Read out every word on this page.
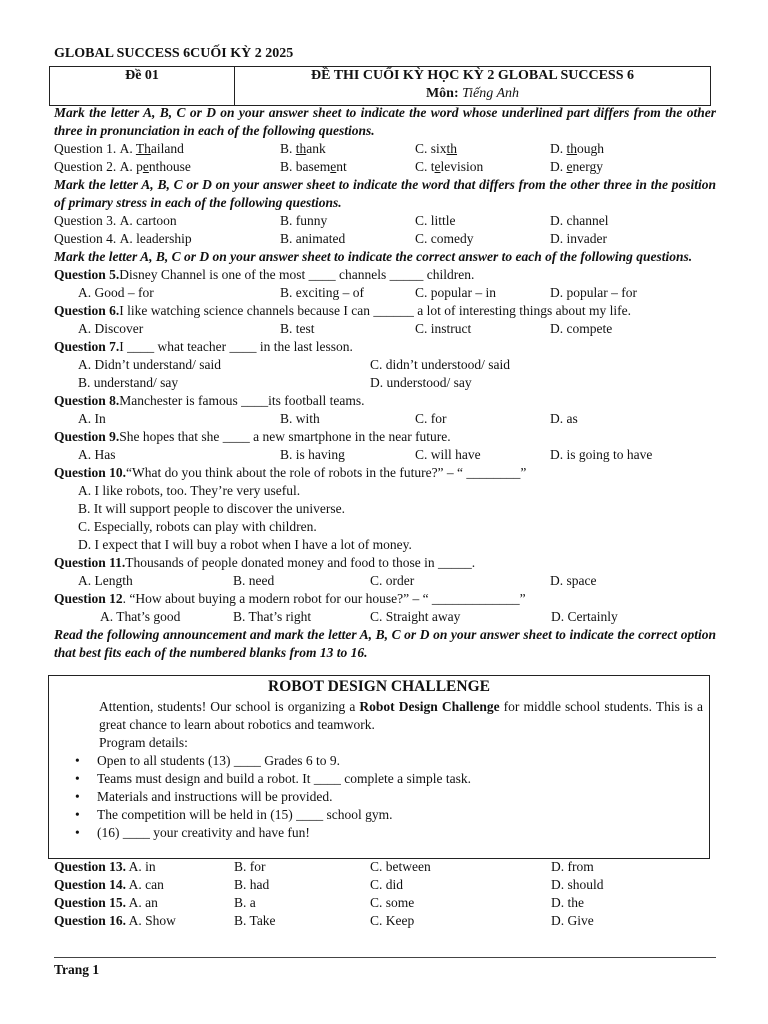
GLOBAL SUCCESS 6CUỐI KỲ 2 2025
Đề 01	ĐỀ THI CUỐI KỲ HỌC KỲ 2 GLOBAL SUCCESS 6
Môn: Tiếng Anh
Mark the letter A, B, C or D on your answer sheet to indicate the word whose underlined part differs from the other three in pronunciation in each of the following questions.
Question 1.
A. Thailand	B. thank	C. sixth	D. though
Question 2.
A. penthouse	B. basement	C. television	D. energy
Mark the letter A, B, C or D on your answer sheet to indicate the word that differs from the other three in the position of primary stress in each of the following questions.
Question 3.
A. cartoon	B. funny	C. little	D. channel
Question 4.
A. leadership	B. animated	C. comedy	D. invader
Mark the letter A, B, C or D on your answer sheet to indicate the correct answer to each of the following questions.
Question 5. Disney Channel is one of the most ____ channels _____ children.
A. Good – for	B. exciting – of	C. popular – in	D. popular – for
Question 6. I like watching science channels because I can ______ a lot of interesting things about my life.
A. Discover	B. test	C. instruct	D. compete
Question 7. I ____ what teacher ____ in the last lesson.
A. Didn’t understand/ said	C. didn’t understood/ said
B. understand/ say	D. understood/ say
Question 8. Manchester is famous ____its football teams.
A. In	B. with	C. for	D. as
Question 9. She hopes that she ____ a new smartphone in the near future.
A. Has	B. is having	C. will have	D. is going to have
Question 10. “What do you think about the role of robots in the future?” – “ ________”
A. I like robots, too. They’re very useful.
B. It will support people to discover the universe.
C. Especially, robots can play with children.
D. I expect that I will buy a robot when I have a lot of money.
Question 11. Thousands of people donated money and food to those in _____.
A. Length	B. need	C. order	D. space
Question 12 . “How about buying a modern robot for our house?” – “ _____________”
A. That’s good	B. That’s right	C. Straight away	D. Certainly
Read the following announcement and mark the letter A, B, C or D on your answer sheet to indicate the correct option that best fits each of the numbered blanks from 13 to 16.
ROBOT DESIGN CHALLENGE
Attention, students! Our school is organizing a Robot Design Challenge for middle school students. This is a great chance to learn about robotics and teamwork.
Program details:
• Open to all students (13) ____ Grades 6 to 9.
• Teams must design and build a robot. It ____ complete a simple task.
• Materials and instructions will be provided.
• The competition will be held in (15) ____ school gym.
• (16) ____ your creativity and have fun!
Question 13. A. in	B. for	C. between	D. from
Question 14. A. can	B. had	C. did	D. should
Question 15. A. an	B. a	C. some	D. the
Question 16. A. Show	B. Take	C. Keep	D. Give
Trang 1
